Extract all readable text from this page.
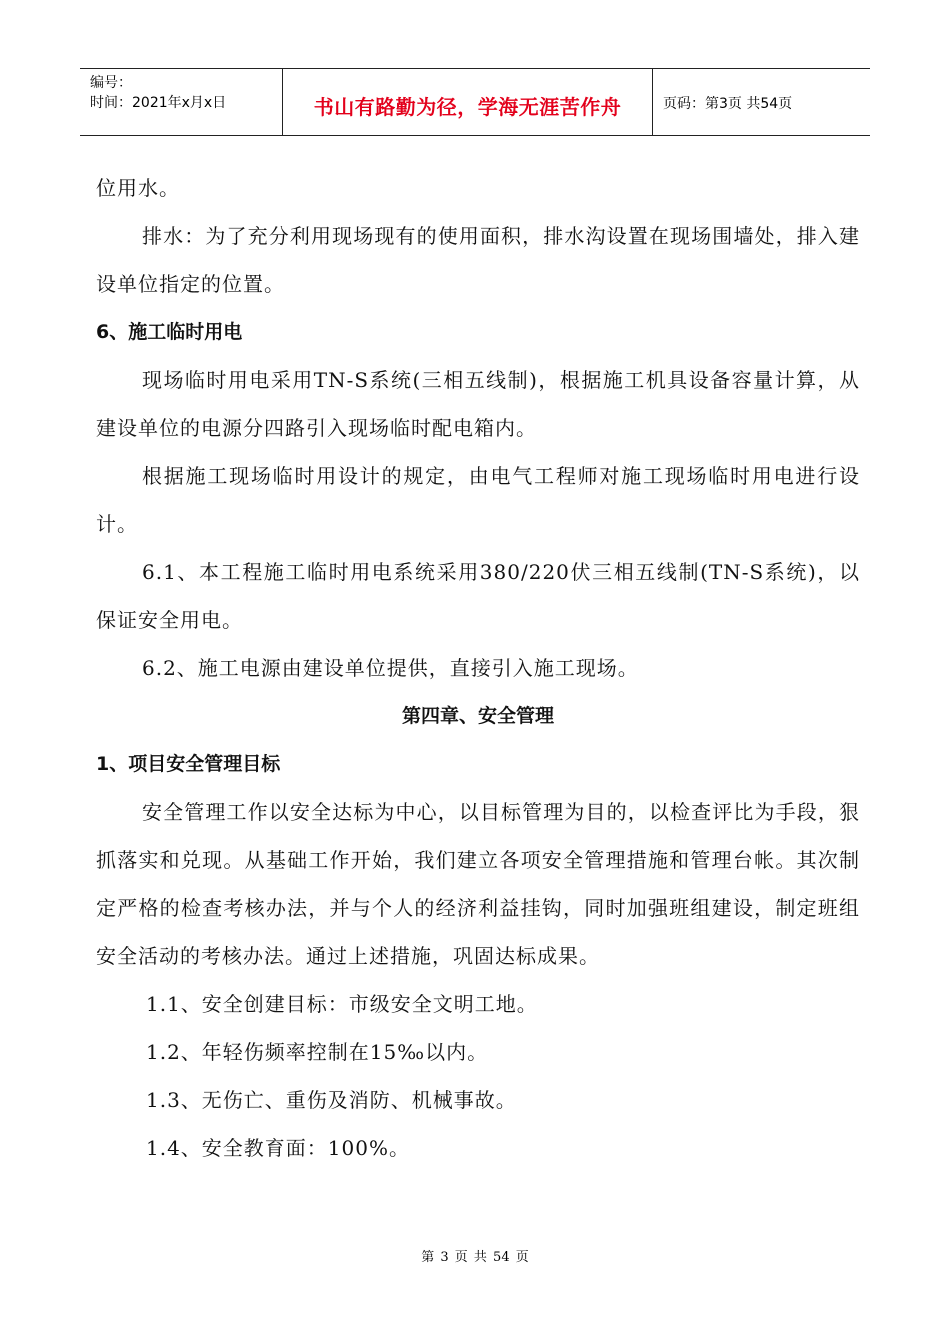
编号：
时间：2021年x月x日	书山有路勤为径，学海无涯苦作舟	页码：第3页 共54页

位用水。

排水：为了充分利用现场现有的使用面积，排水沟设置在现场围墙处，排入建设单位指定的位置。

6、施工临时用电

现场临时用电采用TN-S系统(三相五线制)，根据施工机具设备容量计算，从建设单位的电源分四路引入现场临时配电箱内。

根据施工现场临时用设计的规定，由电气工程师对施工现场临时用电进行设计。

6.1、本工程施工临时用电系统采用380/220伏三相五线制(TN-S系统)，以保证安全用电。

6.2、施工电源由建设单位提供，直接引入施工现场。

第四章、安全管理

1、项目安全管理目标

安全管理工作以安全达标为中心，以目标管理为目的，以检查评比为手段，狠抓落实和兑现。从基础工作开始，我们建立各项安全管理措施和管理台帐。其次制定严格的检查考核办法，并与个人的经济利益挂钩，同时加强班组建设，制定班组安全活动的考核办法。通过上述措施，巩固达标成果。

1.1、安全创建目标：市级安全文明工地。

1.2、年轻伤频率控制在15‰以内。

1.3、无伤亡、重伤及消防、机械事故。

1.4、安全教育面：100%。

第 3 页 共 54 页
